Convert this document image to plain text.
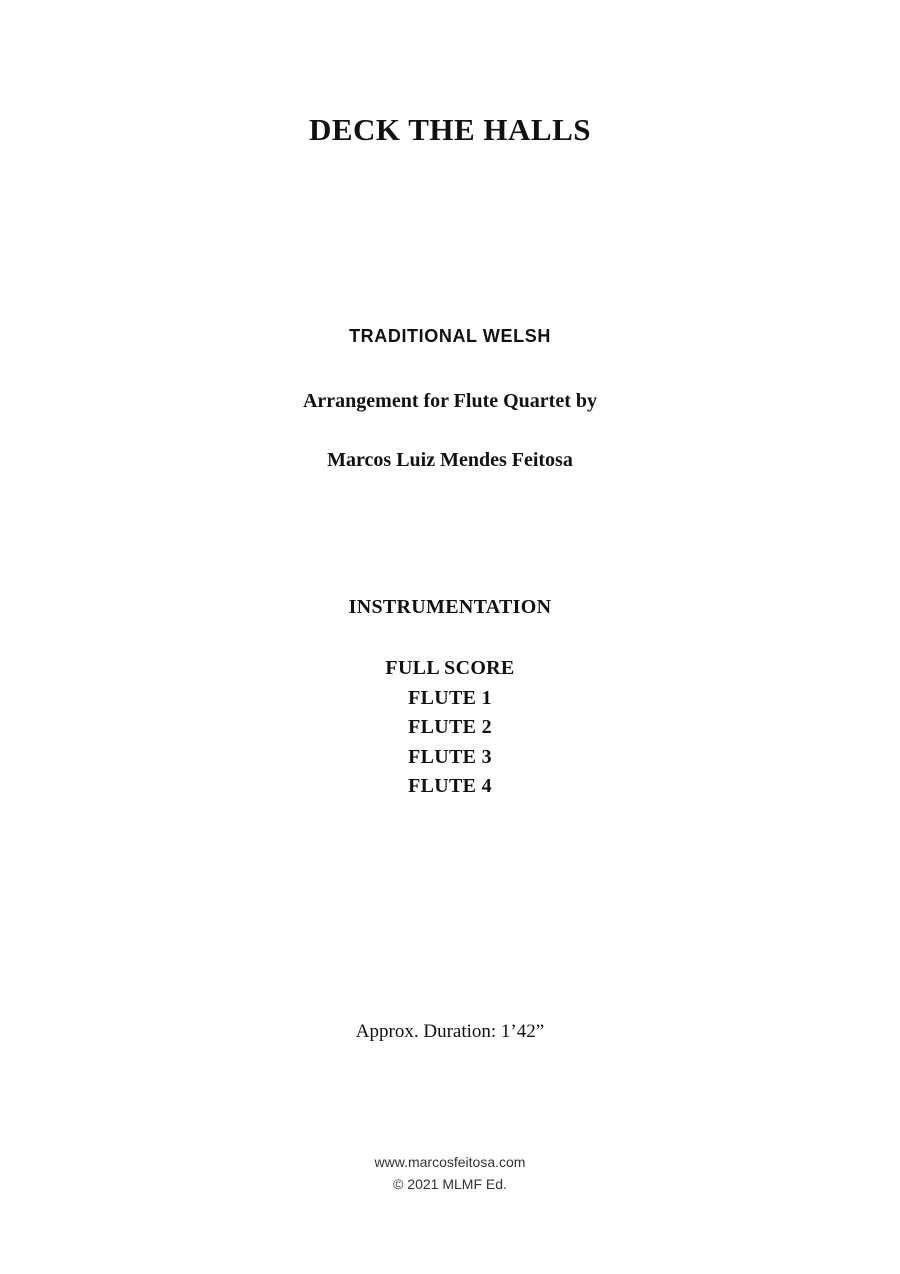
DECK THE HALLS
TRADITIONAL WELSH
Arrangement for Flute Quartet by
Marcos Luiz Mendes Feitosa
INSTRUMENTATION
FULL SCORE
FLUTE 1
FLUTE 2
FLUTE 3
FLUTE 4
Approx. Duration: 1’42”
www.marcosfeitosa.com
© 2021 MLMF Ed.
